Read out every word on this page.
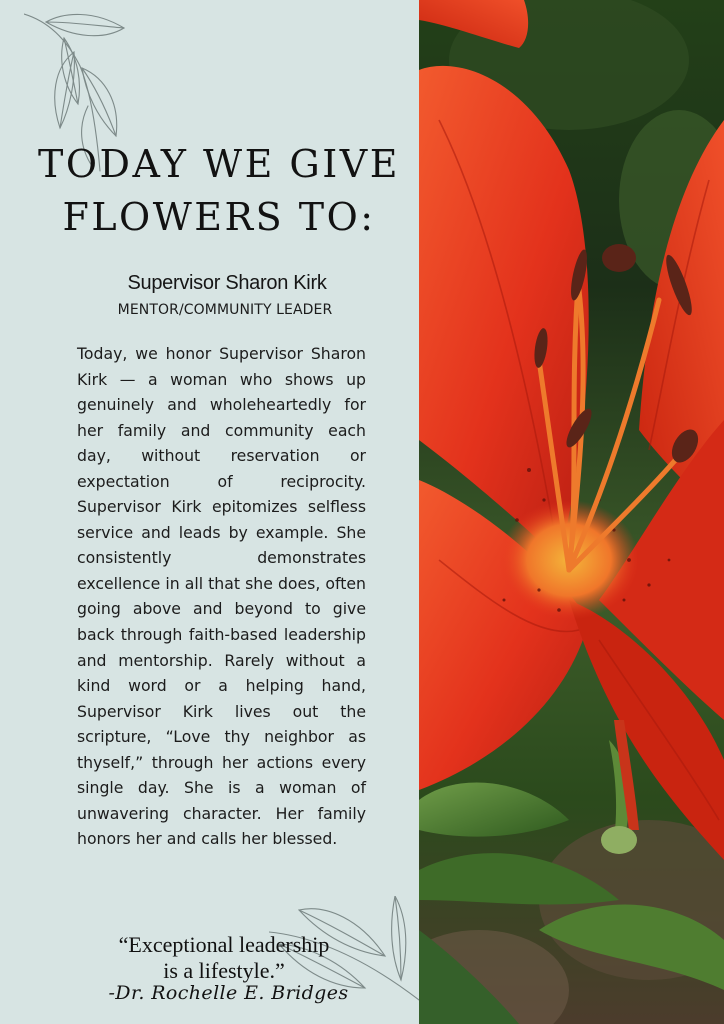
TODAY WE GIVE
FLOWERS TO:
Supervisor Sharon Kirk
MENTOR/COMMUNITY LEADER

Today, we honor Supervisor Sharon Kirk — a woman who shows up genuinely and wholeheartedly for her family and community each day, without reservation or expectation of reciprocity. Supervisor Kirk epitomizes selfless service and leads by example. She consistently demonstrates excellence in all that she does, often going above and beyond to give back through faith-based leadership and mentorship. Rarely without a kind word or a helping hand, Supervisor Kirk lives out the scripture, “Love thy neighbor as thyself,” through her actions every single day. She is a woman of unwavering character. Her family honors her and calls her blessed.

“Exceptional leadership
is a lifestyle.”
-Dr. Rochelle E. Bridges
